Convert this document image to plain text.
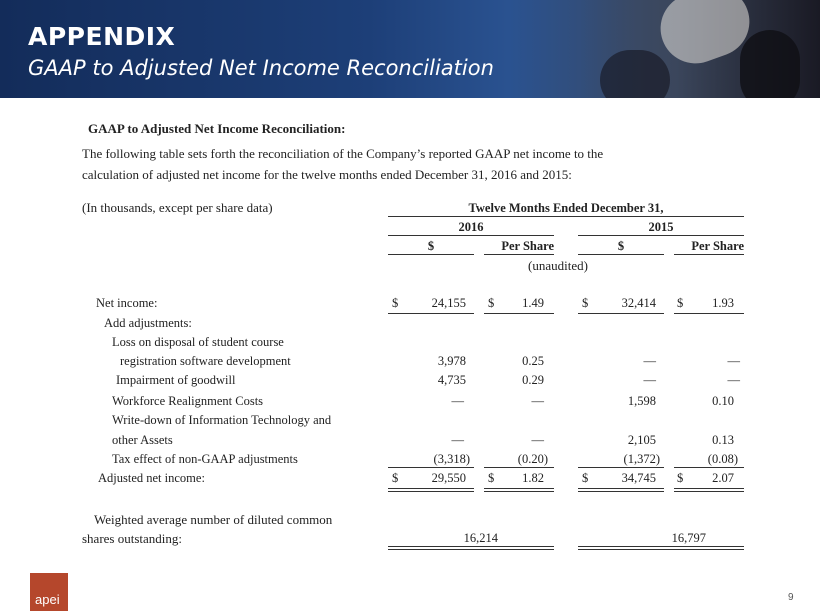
APPENDIX

GAAP to Adjusted Net Income Reconciliation

GAAP to Adjusted Net Income Reconciliation:

The following table sets forth the reconciliation of the Company’s reported GAAP net income to the
calculation of adjusted net income for the twelve months ended December 31, 2016 and 2015:

(In thousands, except per share data)	Twelve Months Ended December 31,

2016	2015

$	Per Share	$	Per Share

(unaudited)

Net income:	$	24,155 $ 1.49	$	32,414 $ 1.93

Add adjustments:

Loss on disposal of student course

registration software development	3,978	0.25	—	—

Impairment of goodwill	4,735	0.29	—	—

Workforce Realignment Costs	—	—	1,598	0.10

Write-down of Information Technology and

other Assets	—	—	2,105	0.13

Tax effect of non-GAAP adjustments	(3,318)	(0.20)	(1,372)	(0.08)

Adjusted net income:	$	29,550 $ 1.82	$	34,745 $ 2.07

Weighted average number of diluted common

shares outstanding:	16,214	16,797

apei	9
